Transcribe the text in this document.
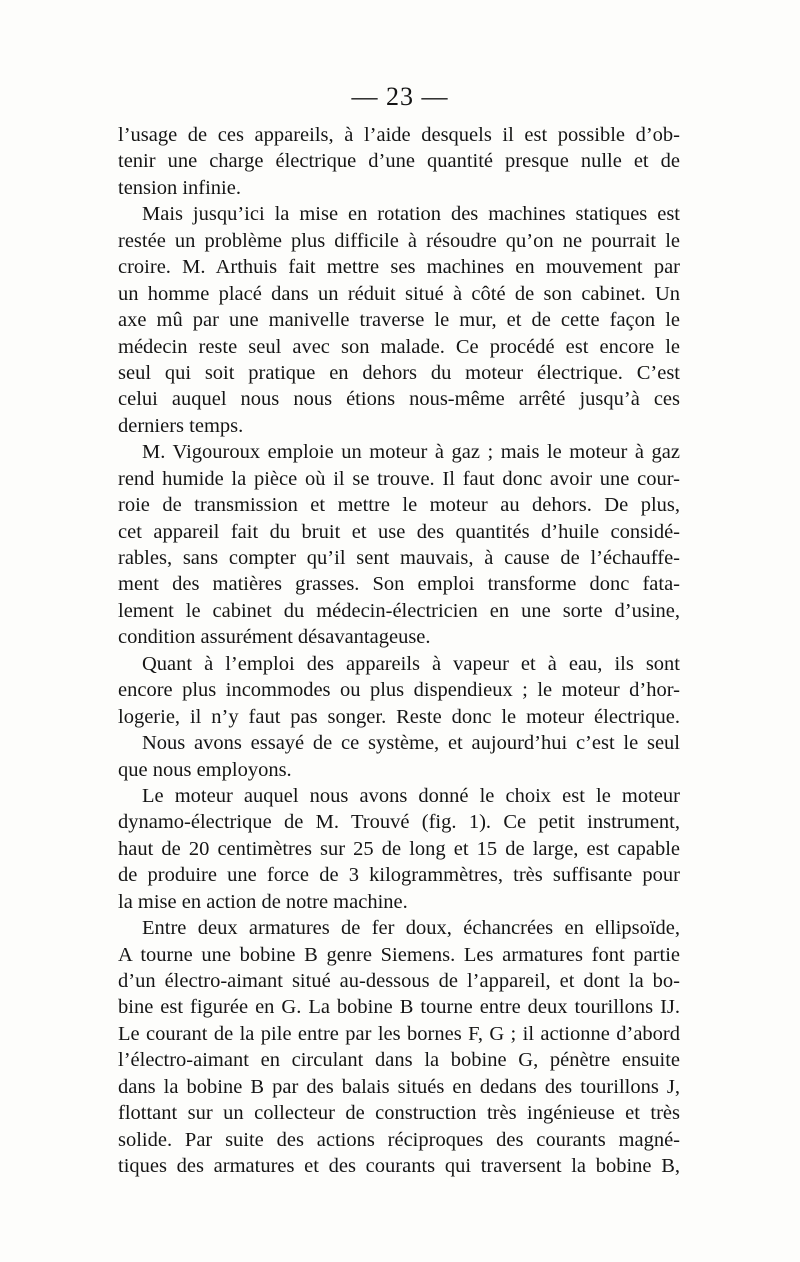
— 23 —
l’usage de ces appareils, à l’aide desquels il est possible d’ob-
tenir une charge électrique d’une quantité presque nulle et de
tension infinie.
Mais jusqu’ici la mise en rotation des machines statiques est
restée un problème plus difficile à résoudre qu’on ne pourrait le
croire. M. Arthuis fait mettre ses machines en mouvement par
un homme placé dans un réduit situé à côté de son cabinet. Un
axe mû par une manivelle traverse le mur, et de cette façon le
médecin reste seul avec son malade. Ce procédé est encore le
seul qui soit pratique en dehors du moteur électrique. C’est
celui auquel nous nous étions nous-même arrêté jusqu’à ces
derniers temps.
M. Vigouroux emploie un moteur à gaz ; mais le moteur à gaz
rend humide la pièce où il se trouve. Il faut donc avoir une cour-
roie de transmission et mettre le moteur au dehors. De plus,
cet appareil fait du bruit et use des quantités d’huile considé-
rables, sans compter qu’il sent mauvais, à cause de l’échauffe-
ment des matières grasses. Son emploi transforme donc fata-
lement le cabinet du médecin-électricien en une sorte d’usine,
condition assurément désavantageuse.
Quant à l’emploi des appareils à vapeur et à eau, ils sont
encore plus incommodes ou plus dispendieux ; le moteur d’hor-
logerie, il n’y faut pas songer. Reste donc le moteur électrique.
Nous avons essayé de ce système, et aujourd’hui c’est le seul
que nous employons.
Le moteur auquel nous avons donné le choix est le moteur
dynamo-électrique de M. Trouvé (fig. 1). Ce petit instrument,
haut de 20 centimètres sur 25 de long et 15 de large, est capable
de produire une force de 3 kilogrammètres, très suffisante pour
la mise en action de notre machine.
Entre deux armatures de fer doux, échancrées en ellipsoïde,
A tourne une bobine B genre Siemens. Les armatures font partie
d’un électro-aimant situé au-dessous de l’appareil, et dont la bo-
bine est figurée en G. La bobine B tourne entre deux tourillons IJ.
Le courant de la pile entre par les bornes F, G ; il actionne d’abord
l’électro-aimant en circulant dans la bobine G, pénètre ensuite
dans la bobine B par des balais situés en dedans des tourillons J,
flottant sur un collecteur de construction très ingénieuse et très
solide. Par suite des actions réciproques des courants magné-
tiques des armatures et des courants qui traversent la bobine B,
